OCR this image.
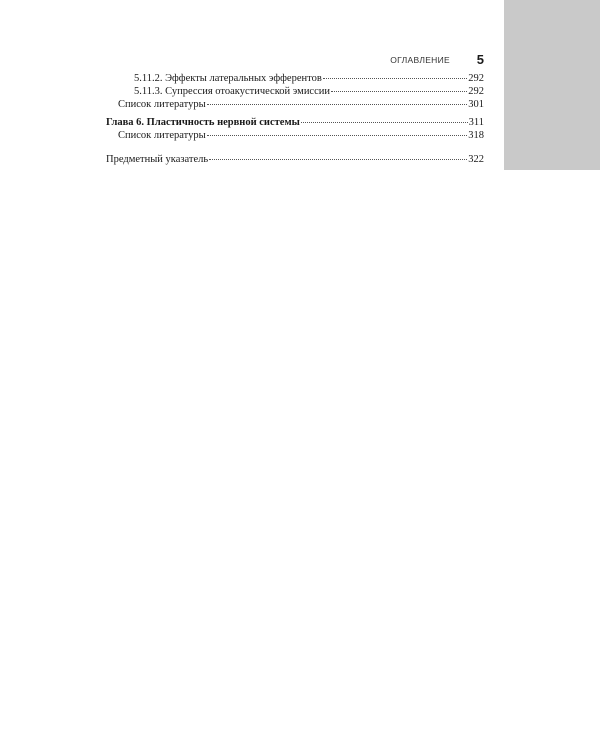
ОГЛАВЛЕНИЕ 5
5.11.2. Эффекты латеральных эфферентов	292
5.11.3. Супрессия отоакустической эмиссии	292
Список литературы	301
Глава 6. Пластичность нервной системы	311
Список литературы	318
Предметный указатель	322
